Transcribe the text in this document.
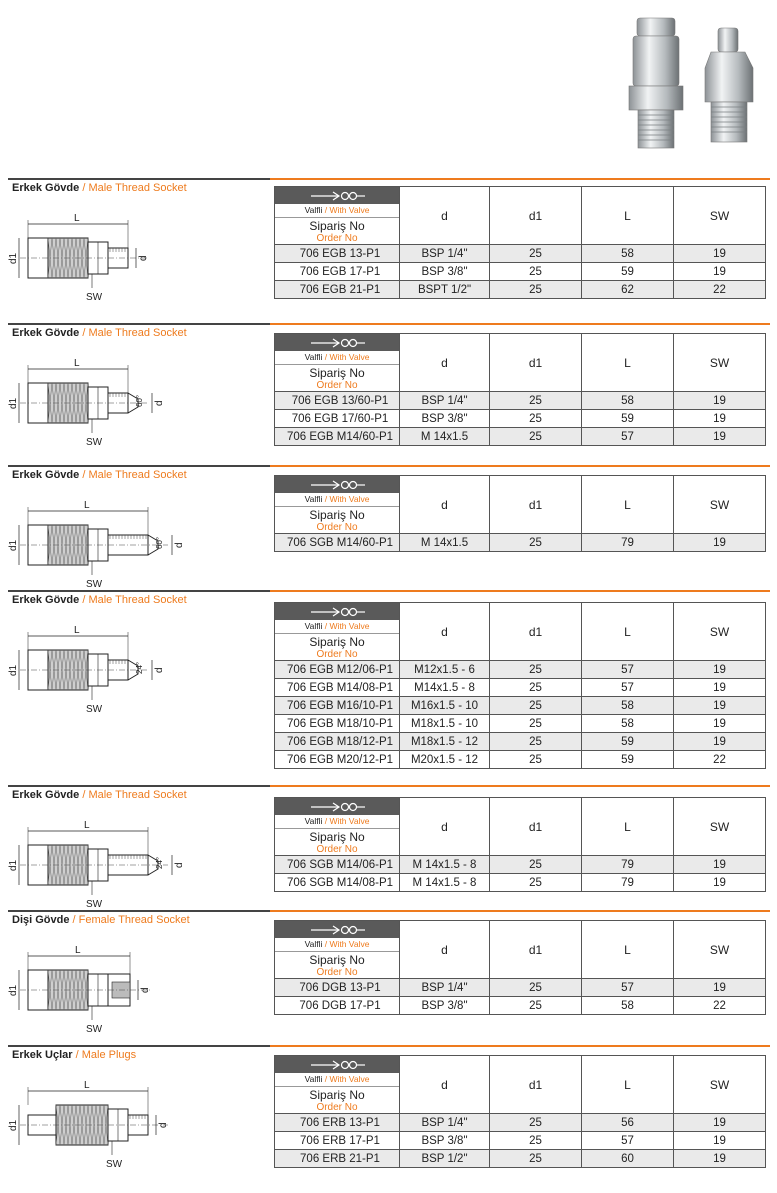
Erkek Gövde / Male Thread Socket
L
d1	d
SW
Valfli / With Valve
Sipariş No
Order No	d	d1	L	SW
706 EGB 13-P1	BSP 1/4"	25	58	19
706 EGB 17-P1	BSP 3/8"	25	59	19
706 EGB 21-P1	BSPT 1/2"	25	62	22
Erkek Gövde / Male Thread Socket
60°
L
d1	d
SW
Valfli / With Valve
Sipariş No
Order No	d	d1	L	SW
706 EGB 13/60-P1	BSP 1/4"	25	58	19
706 EGB 17/60-P1	BSP 3/8"	25	59	19
706 EGB M14/60-P1	M 14x1.5	25	57	19
Erkek Gövde / Male Thread Socket
60°
L
d1	d
SW
Valfli / With Valve
Sipariş No
Order No	d	d1	L	SW
706 SGB M14/60-P1	M 14x1.5	25	79	19
Erkek Gövde / Male Thread Socket
24°
L
d1	d
SW
Valfli / With Valve
Sipariş No
Order No	d	d1	L	SW
706 EGB M12/06-P1	M12x1.5 - 6	25	57	19
706 EGB M14/08-P1	M14x1.5 - 8	25	57	19
706 EGB M16/10-P1	M16x1.5 - 10	25	58	19
706 EGB M18/10-P1	M18x1.5 - 10	25	58	19
706 EGB M18/12-P1	M18x1.5 - 12	25	59	19
706 EGB M20/12-P1	M20x1.5 - 12	25	59	22
Erkek Gövde / Male Thread Socket
24°
L
d1	d
SW
Valfli / With Valve
Sipariş No
Order No	d	d1	L	SW
706 SGB M14/06-P1	M 14x1.5 - 8	25	79	19
706 SGB M14/08-P1	M 14x1.5 - 8	25	79	19
Dişi Gövde / Female Thread Socket
L
d1	d
SW
Valfli / With Valve
Sipariş No
Order No	d	d1	L	SW
706 DGB 13-P1	BSP 1/4"	25	57	19
706 DGB 17-P1	BSP 3/8"	25	58	22
Erkek Uçlar / Male Plugs
L
d1	d
SW
Valfli / With Valve
Sipariş No
Order No	d	d1	L	SW
706 ERB 13-P1	BSP 1/4"	25	56	19
706 ERB 17-P1	BSP 3/8"	25	57	19
706 ERB 21-P1	BSP 1/2"	25	60	19
